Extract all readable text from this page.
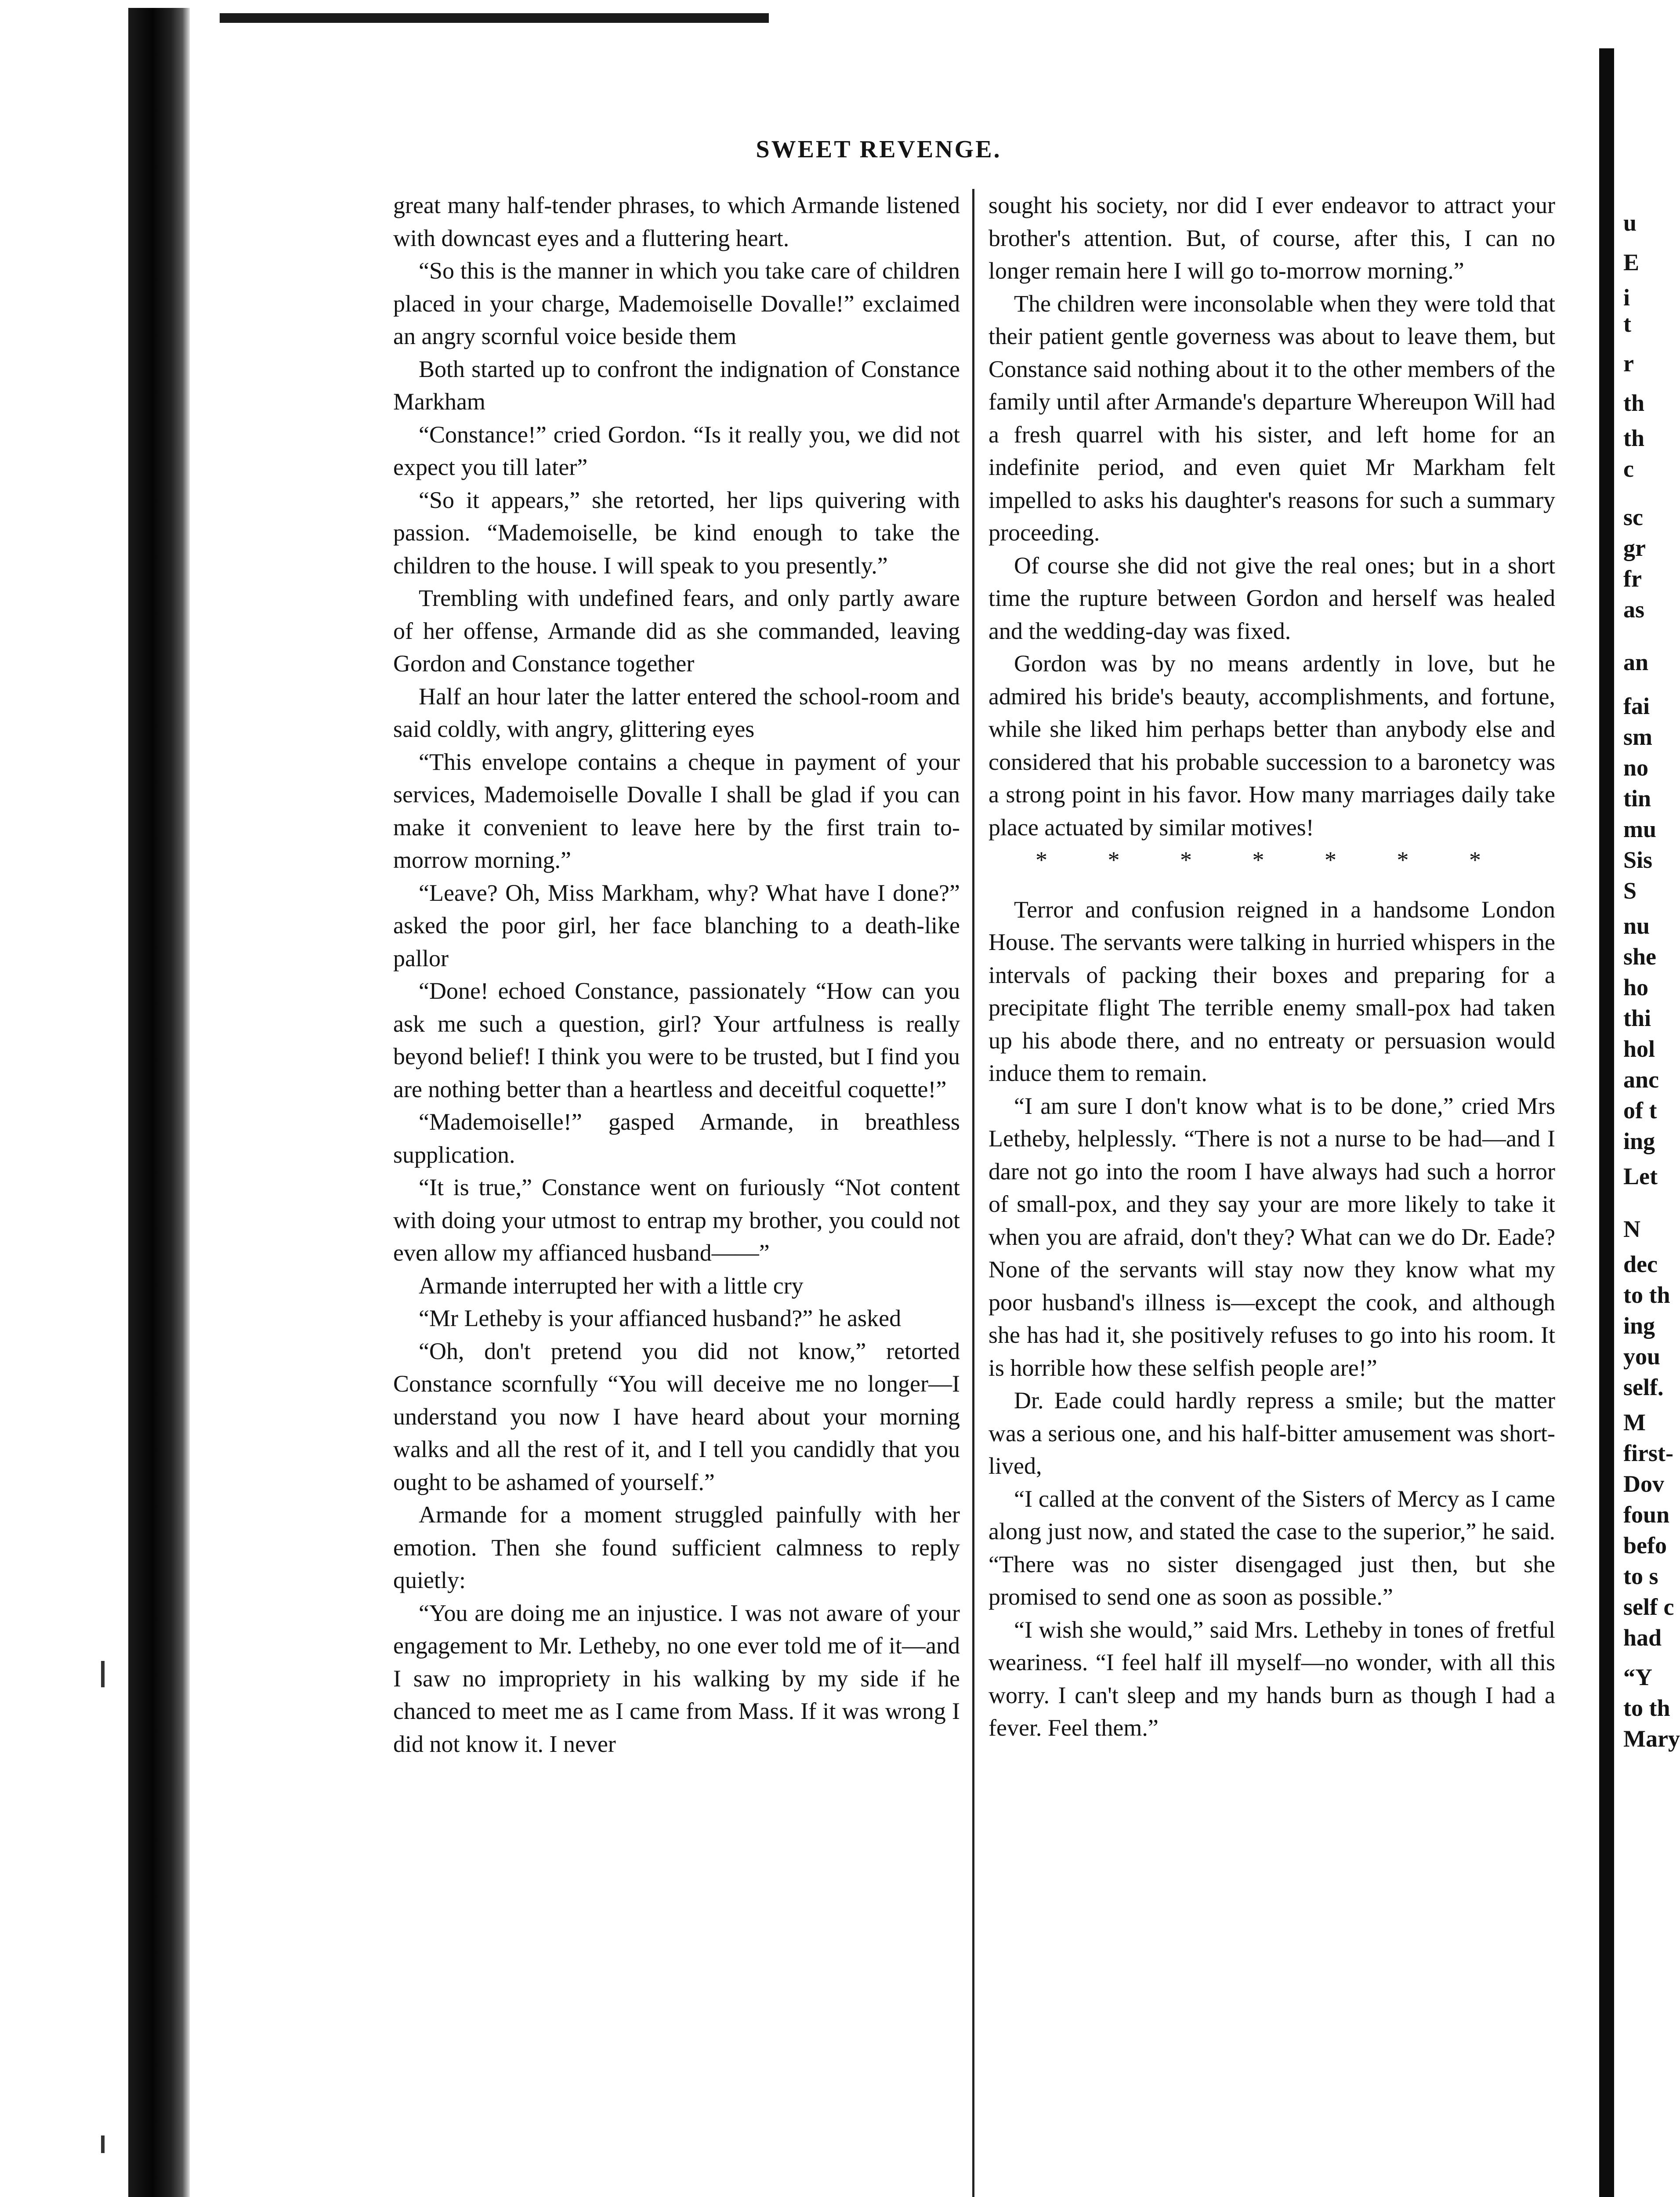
SWEET REVENGE.

great many half-tender phrases, to which Armande listened with downcast eyes and a fluttering heart.

“So this is the manner in which you take care of children placed in your charge, Mademoiselle Dovalle!” exclaimed an angry scornful voice beside them

Both started up to confront the indignation of Constance Markham

“Constance!” cried Gordon. “Is it really you, we did not expect you till later”

“So it appears,” she retorted, her lips quivering with passion. “Mademoiselle, be kind enough to take the children to the house. I will speak to you presently.”

Trembling with undefined fears, and only partly aware of her offense, Armande did as she commanded, leaving Gordon and Constance together

Half an hour later the latter entered the school-room and said coldly, with angry, glittering eyes

“This envelope contains a cheque in payment of your services, Mademoiselle Dovalle I shall be glad if you can make it convenient to leave here by the first train to-morrow morning.”

“Leave? Oh, Miss Markham, why? What have I done?” asked the poor girl, her face blanching to a death-like pallor

“Done! echoed Constance, passionately “How can you ask me such a question, girl? Your artfulness is really beyond belief! I think you were to be trusted, but I find you are nothing better than a heartless and deceitful coquette!”

“Mademoiselle!” gasped Armande, in breathless supplication.

“It is true,” Constance went on furiously “Not content with doing your utmost to entrap my brother, you could not even allow my affianced husband——”

Armande interrupted her with a little cry

“Mr Letheby is your affianced husband?” he asked

“Oh, don't pretend you did not know,” retorted Constance scornfully “You will deceive me no longer—I understand you now I have heard about your morning walks and all the rest of it, and I tell you candidly that you ought to be ashamed of yourself.”

Armande for a moment struggled painfully with her emotion. Then she found sufficient calmness to reply quietly:

“You are doing me an injustice. I was not aware of your engagement to Mr. Letheby, no one ever told me of it—and I saw no impropriety in his walking by my side if he chanced to meet me as I came from Mass. If it was wrong I did not know it. I never

sought his society, nor did I ever endeavor to attract your brother's attention. But, of course, after this, I can no longer remain here I will go to-morrow morning.”

The children were inconsolable when they were told that their patient gentle governess was about to leave them, but Constance said nothing about it to the other members of the family until after Armande's departure Whereupon Will had a fresh quarrel with his sister, and left home for an indefinite period, and even quiet Mr Markham felt impelled to asks his daughter's reasons for such a summary proceeding.

Of course she did not give the real ones; but in a short time the rupture between Gordon and herself was healed and the wedding-day was fixed.

Gordon was by no means ardently in love, but he admired his bride's beauty, accomplishments, and fortune, while she liked him perhaps better than anybody else and considered that his probable succession to a baronetcy was a strong point in his favor. How many marriages daily take place actuated by similar motives!

* * * * * * *

Terror and confusion reigned in a handsome London House. The servants were talking in hurried whispers in the intervals of packing their boxes and preparing for a precipitate flight The terrible enemy small-pox had taken up his abode there, and no entreaty or persuasion would induce them to remain.

“I am sure I don't know what is to be done,” cried Mrs Letheby, helplessly. “There is not a nurse to be had—and I dare not go into the room I have always had such a horror of small-pox, and they say your are more likely to take it when you are afraid, don't they? What can we do Dr. Eade? None of the servants will stay now they know what my poor husband's illness is—except the cook, and although she has had it, she positively refuses to go into his room. It is horrible how these selfish people are!”

Dr. Eade could hardly repress a smile; but the matter was a serious one, and his half-bitter amusement was short-lived,

“I called at the convent of the Sisters of Mercy as I came along just now, and stated the case to the superior,” he said. “There was no sister disengaged just then, but she promised to send one as soon as possible.”

“I wish she would,” said Mrs. Letheby in tones of fretful weariness. “I feel half ill myself—no wonder, with all this worry. I can't sleep and my hands burn as though I had a fever. Feel them.”

u
E
i
t
r
th
th
c
sc
gr
fr
as
an
fai
sm
no
tin
mu
Sis
S
nu
she
ho
thi
hol
anc
of t
ing
Let
N
dec
to th
ing
you
self.
M
first-
Dov
foun
befo
to s
self c
had
“Y
to th
Mary
